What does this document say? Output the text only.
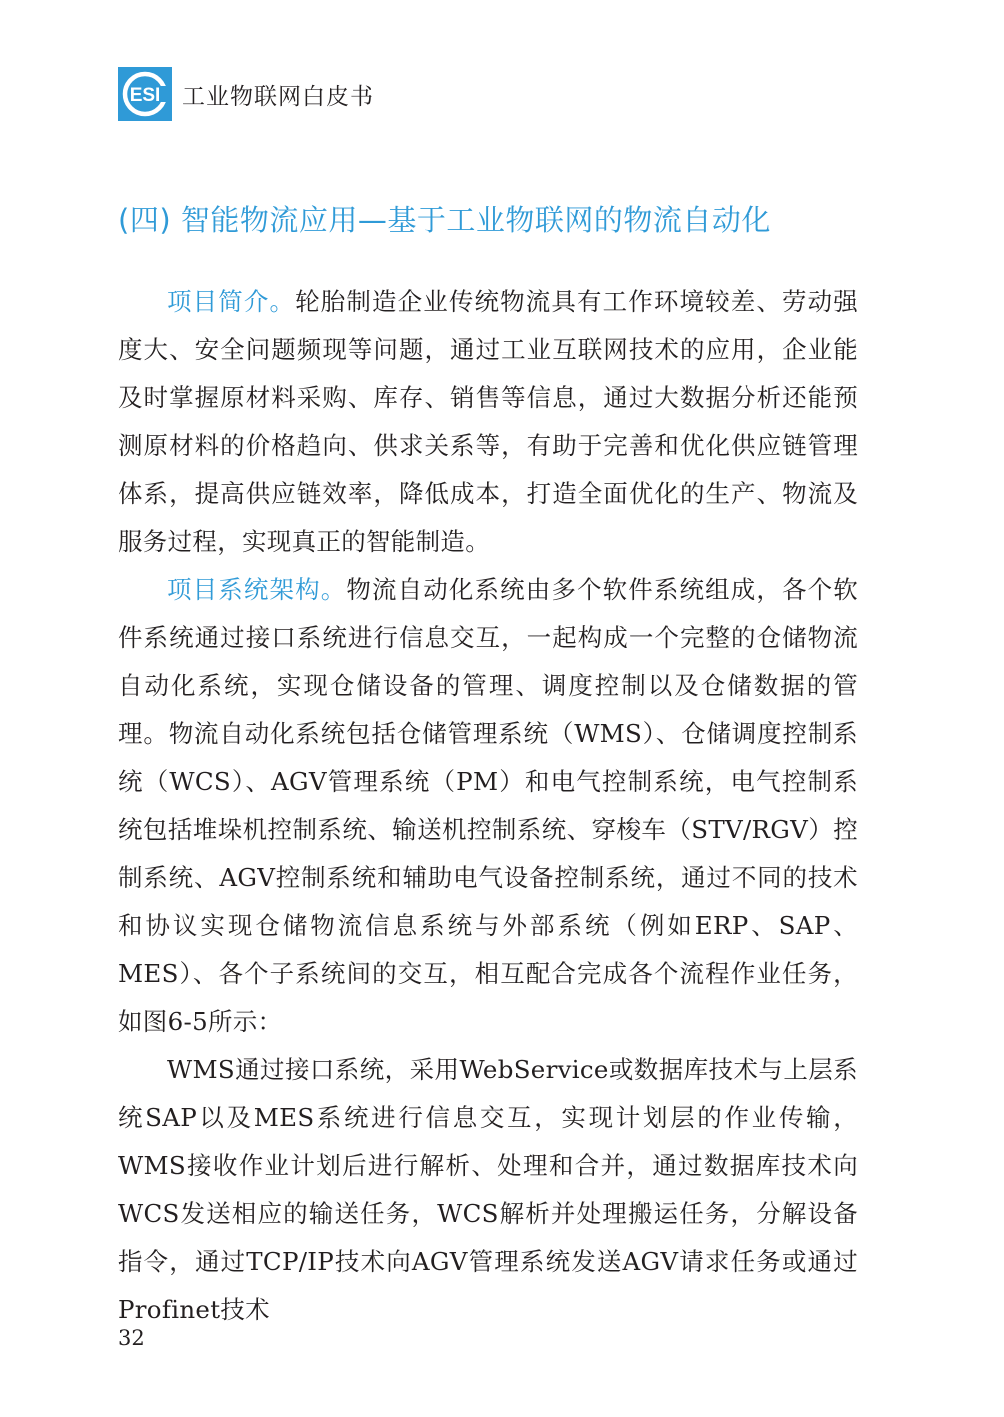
ESI 工业物联网白皮书
(四) 智能物流应用—基于工业物联网的物流自动化

项目简介。轮胎制造企业传统物流具有工作环境较差、劳动强度大、安全问题频现等问题，通过工业互联网技术的应用，企业能及时掌握原材料采购、库存、销售等信息，通过大数据分析还能预测原材料的价格趋向、供求关系等，有助于完善和优化供应链管理体系，提高供应链效率，降低成本，打造全面优化的生产、物流及服务过程，实现真正的智能制造。

项目系统架构。物流自动化系统由多个软件系统组成，各个软件系统通过接口系统进行信息交互，一起构成一个完整的仓储物流自动化系统，实现仓储设备的管理、调度控制以及仓储数据的管理。物流自动化系统包括仓储管理系统（WMS）、仓储调度控制系统（WCS）、AGV管理系统（PM）和电气控制系统，电气控制系统包括堆垛机控制系统、输送机控制系统、穿梭车（STV/RGV）控制系统、AGV控制系统和辅助电气设备控制系统，通过不同的技术和协议实现仓储物流信息系统与外部系统（例如ERP、SAP、MES）、各个子系统间的交互，相互配合完成各个流程作业任务，如图6-5所示：

WMS通过接口系统，采用WebService或数据库技术与上层系统SAP以及MES系统进行信息交互，实现计划层的作业传输，WMS接收作业计划后进行解析、处理和合并，通过数据库技术向WCS发送相应的输送任务，WCS解析并处理搬运任务，分解设备指令，通过TCP/IP技术向AGV管理系统发送AGV请求任务或通过Profinet技术

32
